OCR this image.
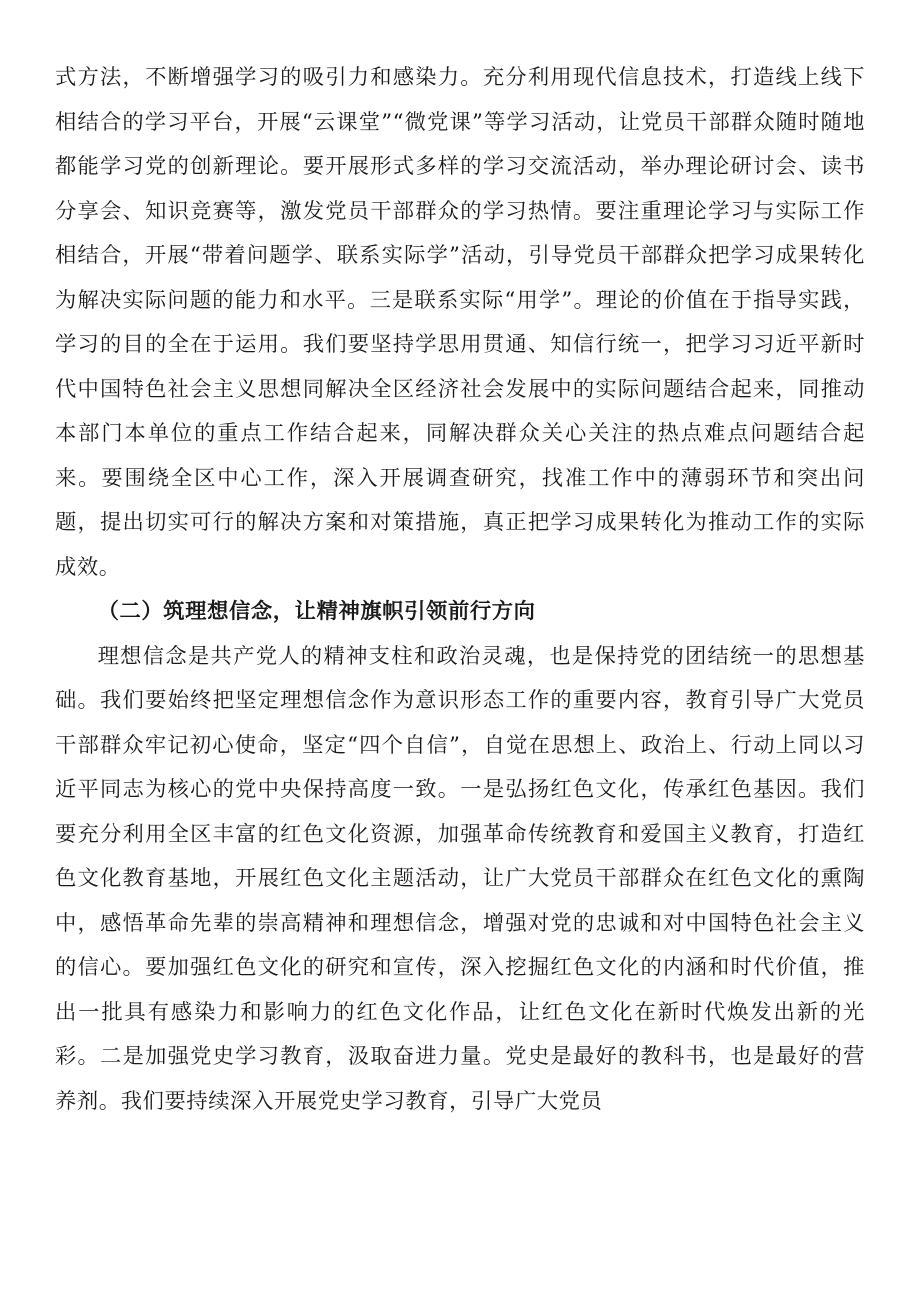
式方法，不断增强学习的吸引力和感染力。充分利用现代信息技术，打造线上线下相结合的学习平台，开展“云课堂”“微党课”等学习活动，让党员干部群众随时随地都能学习党的创新理论。要开展形式多样的学习交流活动，举办理论研讨会、读书分享会、知识竞赛等，激发党员干部群众的学习热情。要注重理论学习与实际工作相结合，开展“带着问题学、联系实际学”活动，引导党员干部群众把学习成果转化为解决实际问题的能力和水平。三是联系实际“用学”。理论的价值在于指导实践，学习的目的全在于运用。我们要坚持学思用贯通、知信行统一，把学习习近平新时代中国特色社会主义思想同解决全区经济社会发展中的实际问题结合起来，同推动本部门本单位的重点工作结合起来，同解决群众关心关注的热点难点问题结合起来。要围绕全区中心工作，深入开展调查研究，找准工作中的薄弱环节和突出问题，提出切实可行的解决方案和对策措施，真正把学习成果转化为推动工作的实际成效。

（二）筑理想信念，让精神旗帜引领前行方向

理想信念是共产党人的精神支柱和政治灵魂，也是保持党的团结统一的思想基础。我们要始终把坚定理想信念作为意识形态工作的重要内容，教育引导广大党员干部群众牢记初心使命，坚定“四个自信”，自觉在思想上、政治上、行动上同以习近平同志为核心的党中央保持高度一致。一是弘扬红色文化，传承红色基因。我们要充分利用全区丰富的红色文化资源，加强革命传统教育和爱国主义教育，打造红色文化教育基地，开展红色文化主题活动，让广大党员干部群众在红色文化的熏陶中，感悟革命先辈的崇高精神和理想信念，增强对党的忠诚和对中国特色社会主义的信心。要加强红色文化的研究和宣传，深入挖掘红色文化的内涵和时代价值，推出一批具有感染力和影响力的红色文化作品，让红色文化在新时代焕发出新的光彩。二是加强党史学习教育，汲取奋进力量。党史是最好的教科书，也是最好的营养剂。我们要持续深入开展党史学习教育，引导广大党员
